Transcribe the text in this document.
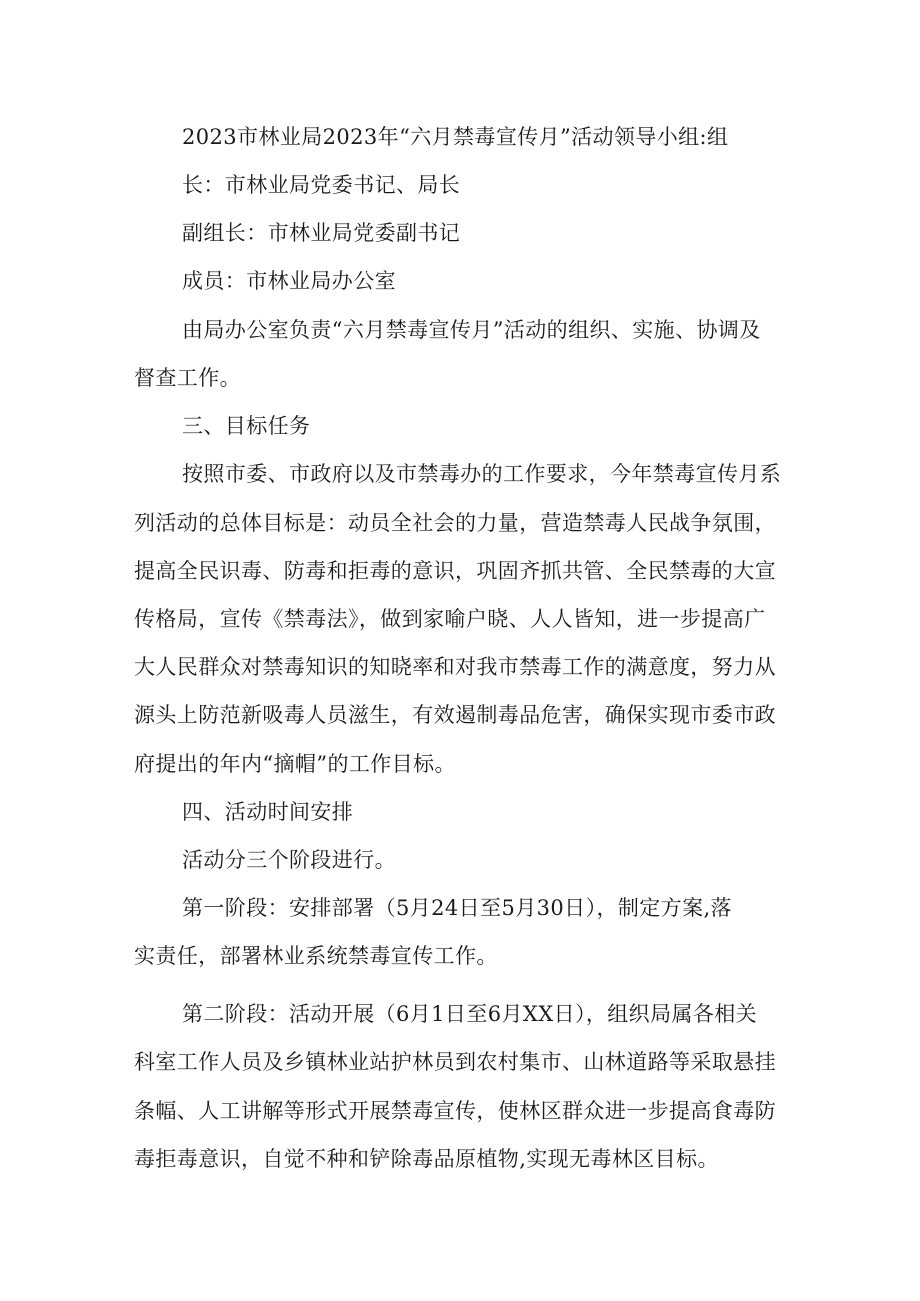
2023市林业局2023年“六月禁毒宣传月”活动领导小组:组
长：市林业局党委书记、局长
副组长：市林业局党委副书记
成员：市林业局办公室
由局办公室负责“六月禁毒宣传月”活动的组织、实施、协调及
督查工作。
三、目标任务
按照市委、市政府以及市禁毒办的工作要求，今年禁毒宣传月系
列活动的总体目标是：动员全社会的力量，营造禁毒人民战争氛围，
提高全民识毒、防毒和拒毒的意识，巩固齐抓共管、全民禁毒的大宣
传格局，宣传《禁毒法》，做到家喻户晓、人人皆知，进一步提高广
大人民群众对禁毒知识的知晓率和对我市禁毒工作的满意度，努力从
源头上防范新吸毒人员滋生，有效遏制毒品危害，确保实现市委市政
府提出的年内“摘帽”的工作目标。
四、活动时间安排
活动分三个阶段进行。
第一阶段：安排部署（5月24日至5月30日），制定方案,落
实责任，部署林业系统禁毒宣传工作。
第二阶段：活动开展（6月1日至6月XX日），组织局属各相关
科室工作人员及乡镇林业站护林员到农村集市、山林道路等采取悬挂
条幅、人工讲解等形式开展禁毒宣传，使林区群众进一步提高食毒防
毒拒毒意识，自觉不种和铲除毒品原植物,实现无毒林区目标。
